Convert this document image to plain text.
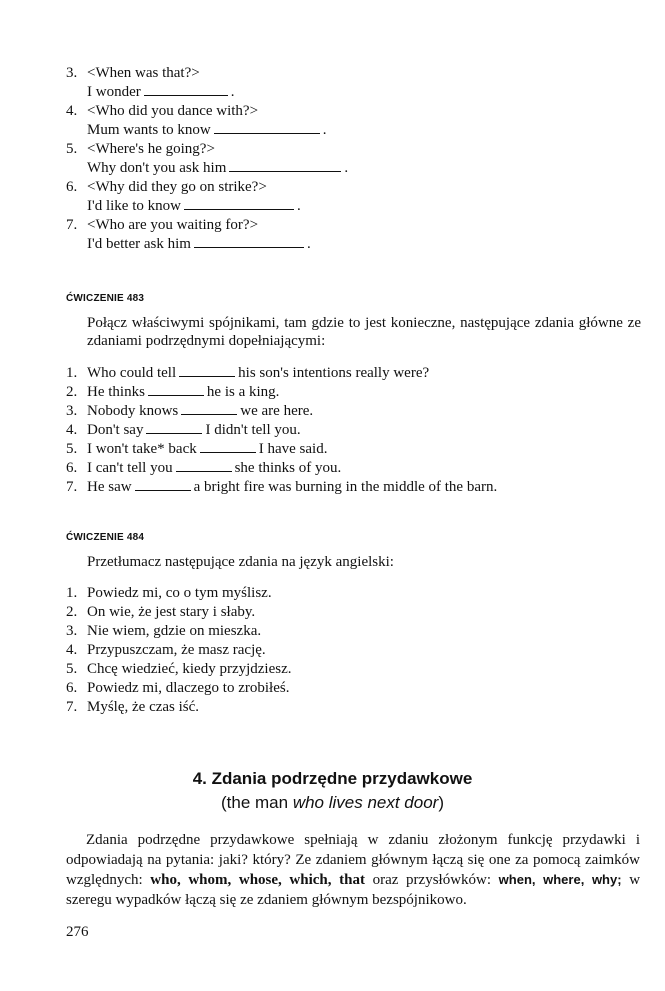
3. <When was that?>
I wonder	.
4. <Who did you dance with?>
Mum wants to know	.
5. <Where's he going?>
Why don't you ask him	.
6. <Why did they go on strike?>
I'd like to know	.
7. <Who are you waiting for?>
I'd better ask him	.
ĆWICZENIE 483
Połącz właściwymi spójnikami, tam gdzie to jest konieczne, następujące zdania główne ze zdaniami podrzędnymi dopełniającymi:
1. Who could tell	his son's intentions really were?
2. He thinks	he is a king.
3. Nobody knows	we are here.
4. Don't say	I didn't tell you.
5. I won't take* back	I have said.
6. I can't tell you	she thinks of you.
7. He saw	a bright fire was burning in the middle of the barn.
ĆWICZENIE 484
Przetłumacz następujące zdania na język angielski:
1. Powiedz mi, co o tym myślisz.
2. On wie, że jest stary i słaby.
3. Nie wiem, gdzie on mieszka.
4. Przypuszczam, że masz rację.
5. Chcę wiedzieć, kiedy przyjdziesz.
6. Powiedz mi, dlaczego to zrobiłeś.
7. Myślę, że czas iść.
4. Zdania podrzędne przydawkowe
(the man who lives next door)
Zdania podrzędne przydawkowe spełniają w zdaniu złożonym funkcję przydawki i odpowiadają na pytania: jaki? który? Ze zdaniem głównym łączą się one za pomocą zaimków względnych: who, whom, whose, which, that oraz przysłówków: when, where, why; w szeregu wypadków łączą się ze zdaniem głównym bezspójnikowo.
276
